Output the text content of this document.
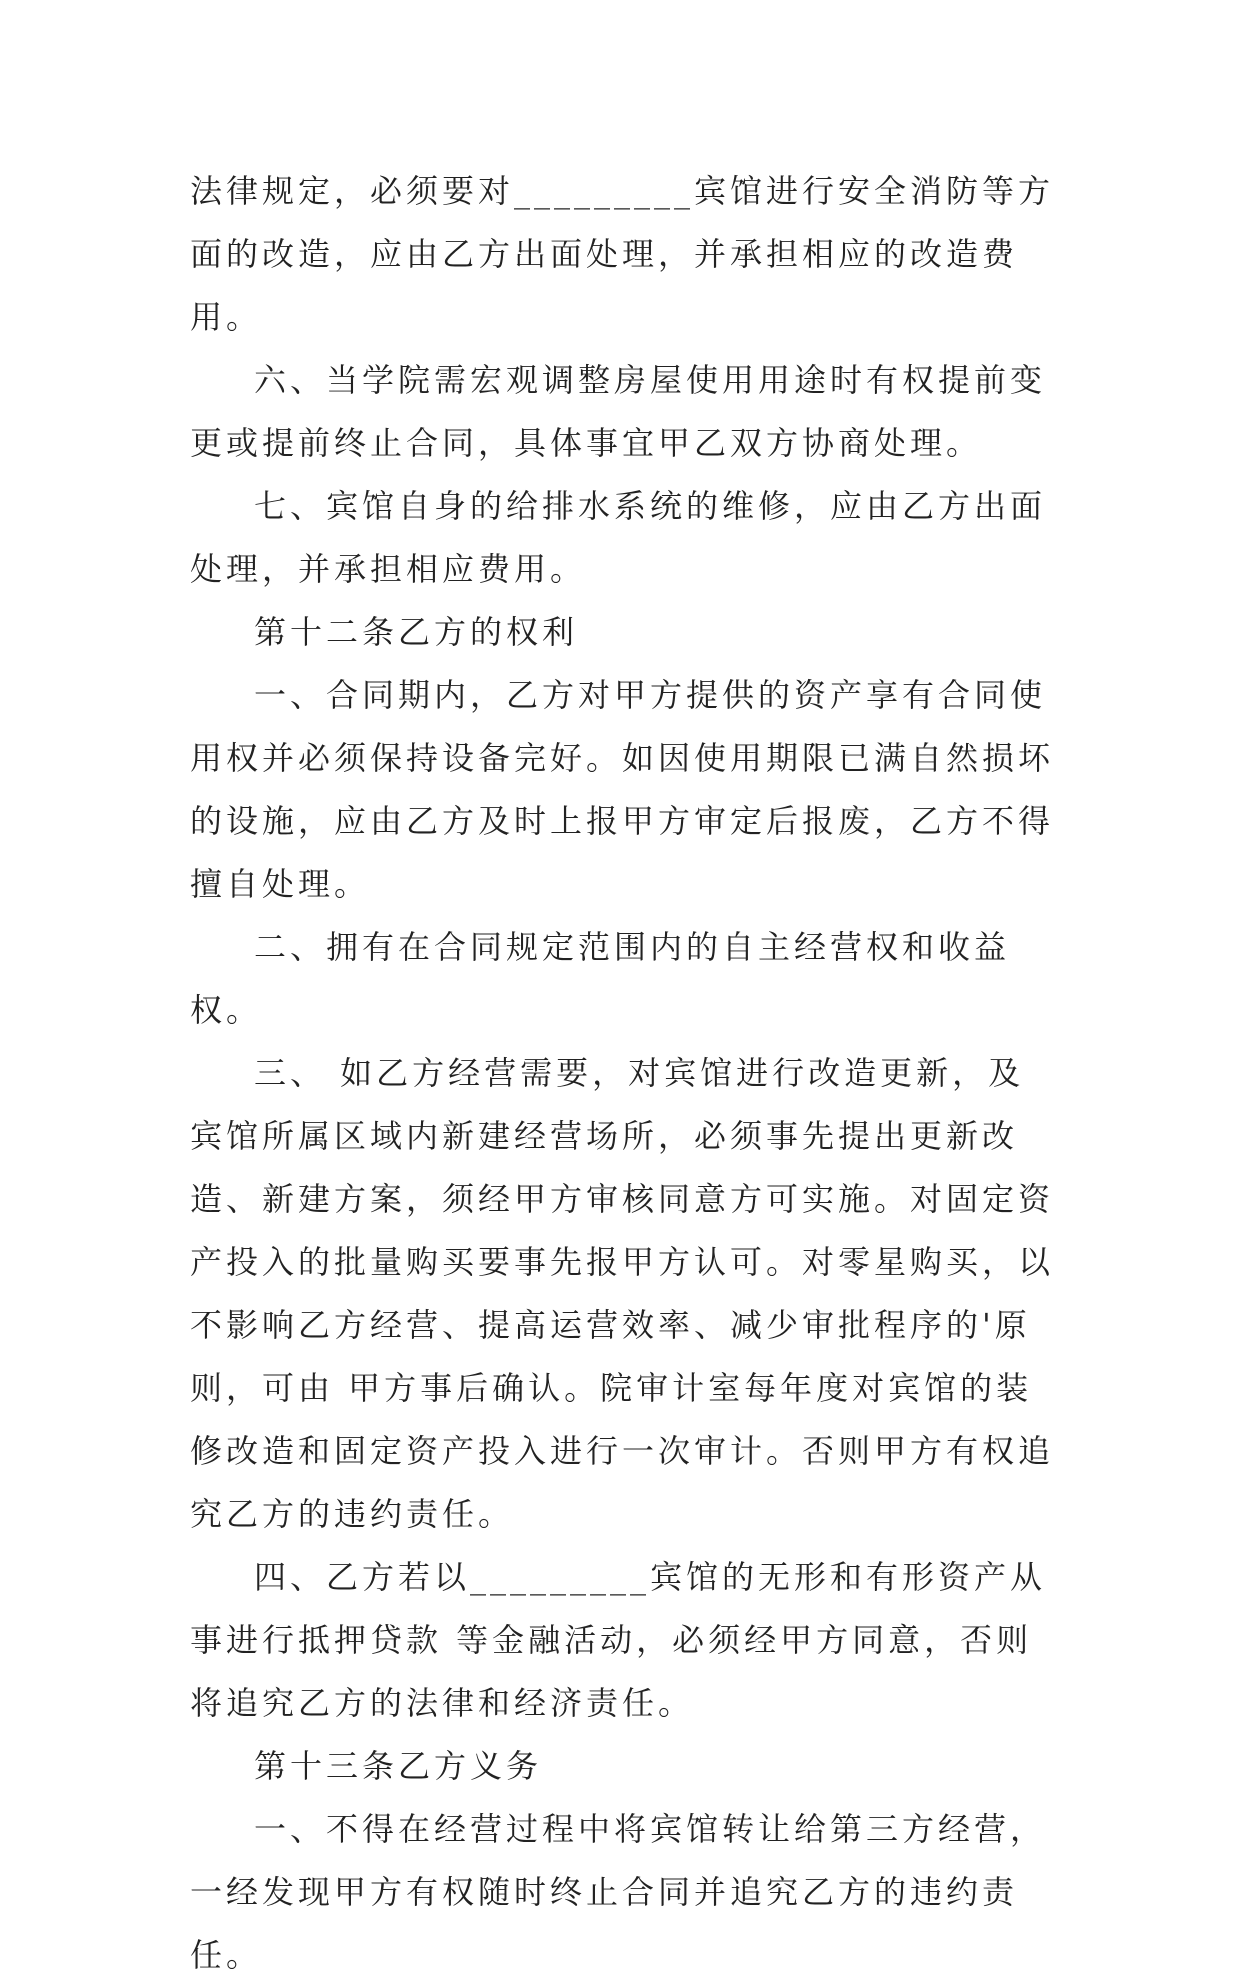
法律规定，必须要对_________宾馆进行安全消防等方面的改造，应由乙方出面处理，并承担相应的改造费用。

六、当学院需宏观调整房屋使用用途时有权提前变更或提前终止合同，具体事宜甲乙双方协商处理。

七、宾馆自身的给排水系统的维修，应由乙方出面处理，并承担相应费用。

第十二条乙方的权利

一、合同期内，乙方对甲方提供的资产享有合同使用权并必须保持设备完好。如因使用期限已满自然损坏的设施，应由乙方及时上报甲方审定后报废，乙方不得擅自处理。

二、拥有在合同规定范围内的自主经营权和收益权。

三、 如乙方经营需要，对宾馆进行改造更新，及宾馆所属区域内新建经营场所，必须事先提出更新改造、新建方案，须经甲方审核同意方可实施。对固定资产投入的批量购买要事先报甲方认可。对零星购买，以不影响乙方经营、提高运营效率、减少审批程序的'原则，可由 甲方事后确认。院审计室每年度对宾馆的装修改造和固定资产投入进行一次审计。否则甲方有权追究乙方的违约责任。

四、乙方若以_________宾馆的无形和有形资产从事进行抵押贷款 等金融活动，必须经甲方同意，否则将追究乙方的法律和经济责任。

第十三条乙方义务

一、不得在经营过程中将宾馆转让给第三方经营，一经发现甲方有权随时终止合同并追究乙方的违约责任。
